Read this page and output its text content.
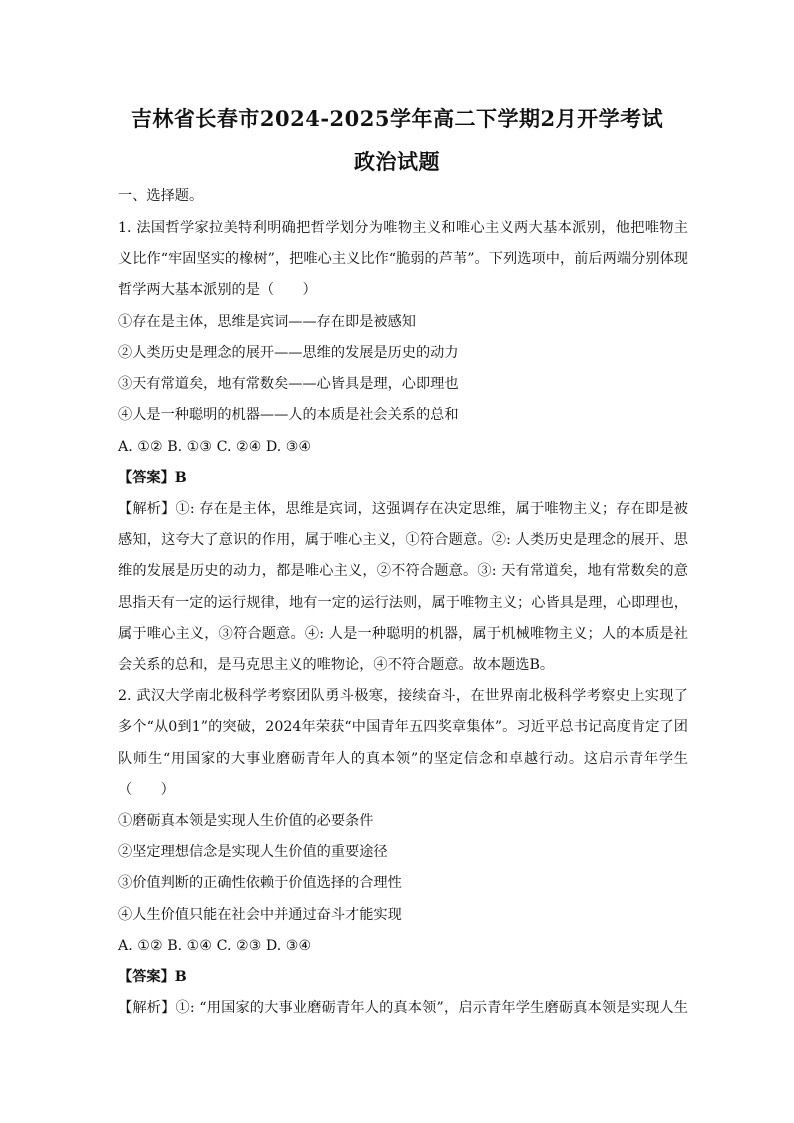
吉林省长春市2024-2025学年高二下学期2月开学考试
政治试题
一、选择题。
1. 法国哲学家拉美特利明确把哲学划分为唯物主义和唯心主义两大基本派别，他把唯物主
义比作“牢固坚实的橡树”，把唯心主义比作“脆弱的芦苇”。下列选项中，前后两端分别体现
哲学两大基本派别的是（　　）
①存在是主体，思维是宾词——存在即是被感知
②人类历史是理念的展开——思维的发展是历史的动力
③天有常道矣，地有常数矣——心皆具是理，心即理也
④人是一种聪明的机器——人的本质是社会关系的总和
A. ①② B. ①③ C. ②④ D. ③④
【答案】B
【解析】①: 存在是主体，思维是宾词，这强调存在决定思维，属于唯物主义；存在即是被
感知，这夸大了意识的作用，属于唯心主义，①符合题意。②: 人类历史是理念的展开、思
维的发展是历史的动力，都是唯心主义，②不符合题意。③: 天有常道矣，地有常数矣的意
思指天有一定的运行规律，地有一定的运行法则，属于唯物主义；心皆具是理，心即理也，
属于唯心主义，③符合题意。④: 人是一种聪明的机器，属于机械唯物主义；人的本质是社
会关系的总和，是马克思主义的唯物论，④不符合题意。故本题选B。
2. 武汉大学南北极科学考察团队勇斗极寒，接续奋斗，在世界南北极科学考察史上实现了
多个“从0到1”的突破，2024年荣获“中国青年五四奖章集体”。习近平总书记高度肯定了团
队师生“用国家的大事业磨砺青年人的真本领”的坚定信念和卓越行动。这启示青年学生
（　　）
①磨砺真本领是实现人生价值的必要条件
②坚定理想信念是实现人生价值的重要途径
③价值判断的正确性依赖于价值选择的合理性
④人生价值只能在社会中并通过奋斗才能实现
A. ①② B. ①④ C. ②③ D. ③④
【答案】B
【解析】①: “用国家的大事业磨砺青年人的真本领”，启示青年学生磨砺真本领是实现人生
